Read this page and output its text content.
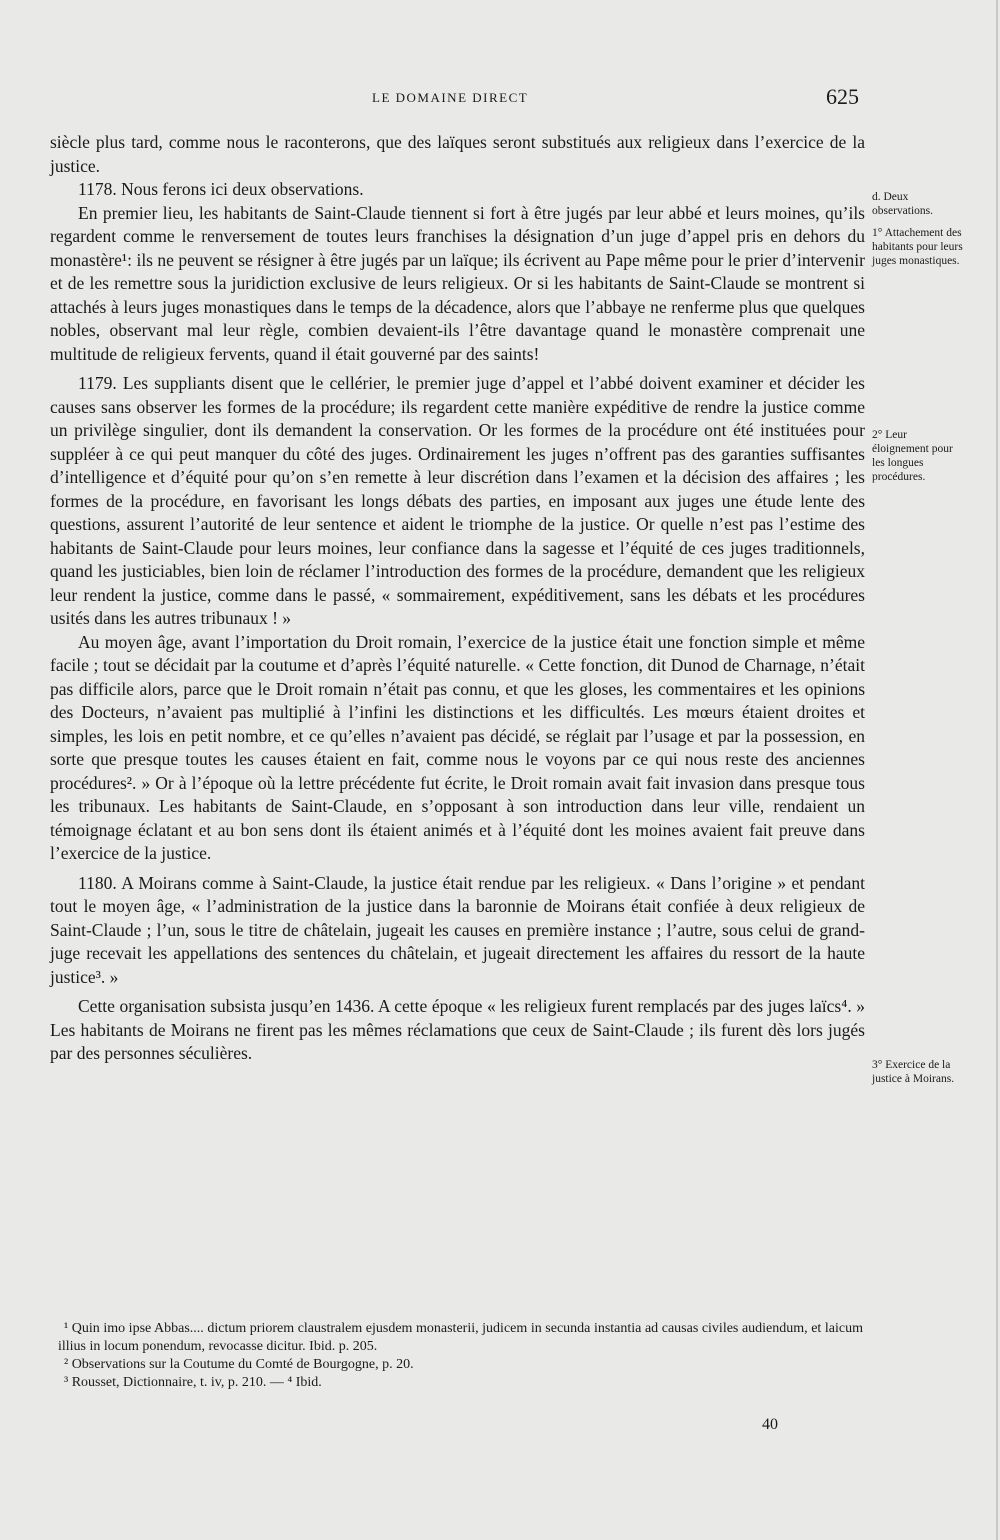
LE DOMAINE DIRECT	625

siècle plus tard, comme nous le raconterons, que des laïques seront substitués aux religieux dans l’exercice de la justice.

1178. Nous ferons ici deux observations.

En premier lieu, les habitants de Saint-Claude tiennent si fort à être jugés par leur abbé et leurs moines, qu’ils regardent comme le renversement de toutes leurs franchises la désignation d’un juge d’appel pris en dehors du monastère¹: ils ne peuvent se résigner à être jugés par un laïque; ils écrivent au Pape même pour le prier d’intervenir et de les remettre sous la juridiction exclusive de leurs religieux. Or si les habitants de Saint-Claude se montrent si attachés à leurs juges monastiques dans le temps de la décadence, alors que l’abbaye ne renferme plus que quelques nobles, observant mal leur règle, combien devaient-ils l’être davantage quand le monastère comprenait une multitude de religieux fervents, quand il était gouverné par des saints!

1179. Les suppliants disent que le cellérier, le premier juge d’appel et l’abbé doivent examiner et décider les causes sans observer les formes de la procédure; ils regardent cette manière expéditive de rendre la justice comme un privilège singulier, dont ils demandent la conservation. Or les formes de la procédure ont été instituées pour suppléer à ce qui peut manquer du côté des juges. Ordinairement les juges n’offrent pas des garanties suffisantes d’intelligence et d’équité pour qu’on s’en remette à leur discrétion dans l’examen et la décision des affaires ; les formes de la procédure, en favorisant les longs débats des parties, en imposant aux juges une étude lente des questions, assurent l’autorité de leur sentence et aident le triomphe de la justice. Or quelle n’est pas l’estime des habitants de Saint-Claude pour leurs moines, leur confiance dans la sagesse et l’équité de ces juges traditionnels, quand les justiciables, bien loin de réclamer l’introduction des formes de la procédure, demandent que les religieux leur rendent la justice, comme dans le passé, « sommairement, expéditivement, sans les débats et les procédures usités dans les autres tribunaux ! »

Au moyen âge, avant l’importation du Droit romain, l’exercice de la justice était une fonction simple et même facile ; tout se décidait par la coutume et d’après l’équité naturelle. « Cette fonction, dit Dunod de Charnage, n’était pas difficile alors, parce que le Droit romain n’était pas connu, et que les gloses, les commentaires et les opinions des Docteurs, n’avaient pas multiplié à l’infini les distinctions et les difficultés. Les mœurs étaient droites et simples, les lois en petit nombre, et ce qu’elles n’avaient pas décidé, se réglait par l’usage et par la possession, en sorte que presque toutes les causes étaient en fait, comme nous le voyons par ce qui nous reste des anciennes procédures². » Or à l’époque où la lettre précédente fut écrite, le Droit romain avait fait invasion dans presque tous les tribunaux. Les habitants de Saint-Claude, en s’opposant à son introduction dans leur ville, rendaient un témoignage éclatant et au bon sens dont ils étaient animés et à l’équité dont les moines avaient fait preuve dans l’exercice de la justice.

1180. A Moirans comme à Saint-Claude, la justice était rendue par les religieux. « Dans l’origine » et pendant tout le moyen âge, « l’administration de la justice dans la baronnie de Moirans était confiée à deux religieux de Saint-Claude ; l’un, sous le titre de châtelain, jugeait les causes en première instance ; l’autre, sous celui de grand-juge recevait les appellations des sentences du châtelain, et jugeait directement les affaires du ressort de la haute justice³. »

Cette organisation subsista jusqu’en 1436. A cette époque « les religieux furent remplacés par des juges laïcs⁴. » Les habitants de Moirans ne firent pas les mêmes réclamations que ceux de Saint-Claude ; ils furent dès lors jugés par des personnes séculières.

d. Deux observations.
1° Attachement des habitants pour leurs juges monastiques.
2° Leur éloignement pour les longues procédures.
3° Exercice de la justice à Moirans.

¹ Quin imo ipse Abbas.... dictum priorem claustralem ejusdem monasterii, judicem in secunda instantia ad causas civiles audiendum, et laicum illius in locum ponendum, revocasse dicitur. Ibid. p. 205.

² Observations sur la Coutume du Comté de Bourgogne, p. 20.

³ Rousset, Dictionnaire, t. iv, p. 210. — ⁴ Ibid.

40
